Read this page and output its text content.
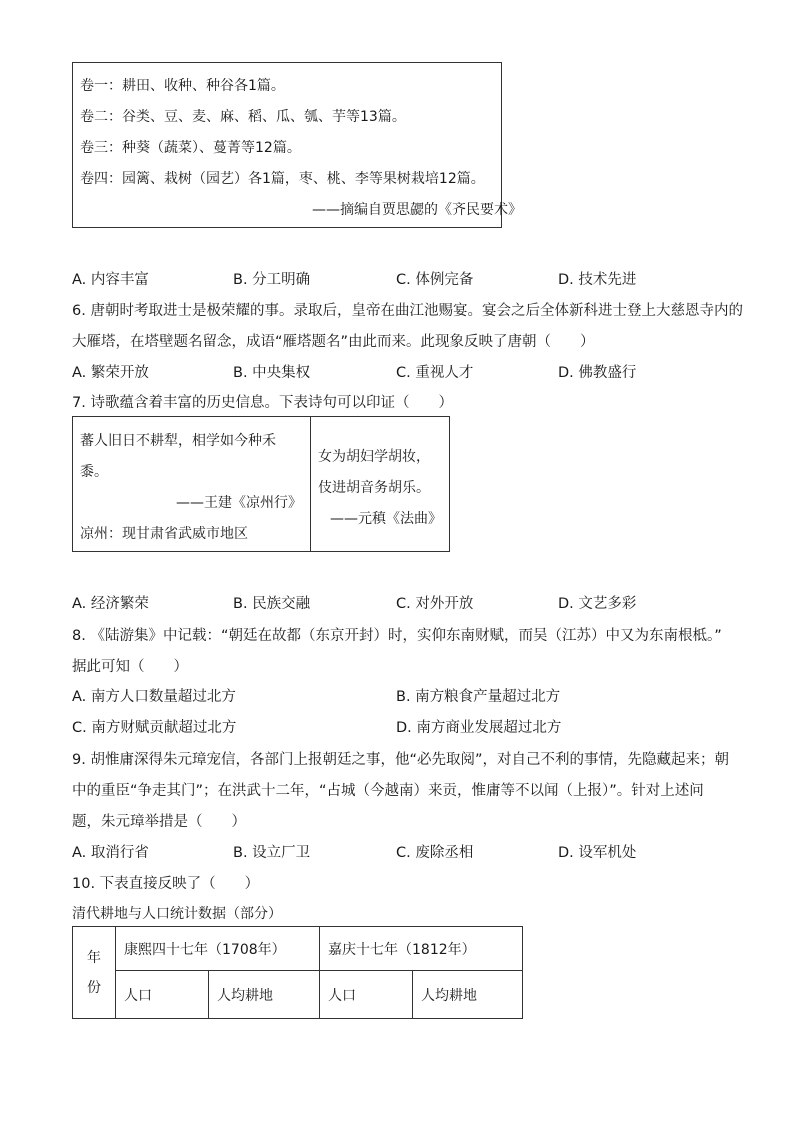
卷一：耕田、收种、种谷各1篇。
卷二：谷类、豆、麦、麻、稻、瓜、瓠、芋等13篇。
卷三：种葵（蔬菜）、蔓菁等12篇。
卷四：园篱、栽树（园艺）各1篇，枣、桃、李等果树栽培12篇。
——摘编自贾思勰的《齐民要术》
A. 内容丰富	B. 分工明确	C. 体例完备	D. 技术先进
6. 唐朝时考取进士是极荣耀的事。录取后，皇帝在曲江池赐宴。宴会之后全体新科进士登上大慈恩寺内的
大雁塔，在塔壁题名留念，成语“雁塔题名”由此而来。此现象反映了唐朝（　　）
A. 繁荣开放	B. 中央集权	C. 重视人才	D. 佛教盛行
7. 诗歌蕴含着丰富的历史信息。下表诗句可以印证（　　）
蕃人旧日不耕犁，相学如今种禾
黍。
——王建《凉州行》
凉州：现甘肃省武威市地区
女为胡妇学胡妆，
伎进胡音务胡乐。
——元稹《法曲》
A. 经济繁荣	B. 民族交融	C. 对外开放	D. 文艺多彩
8. 《陆游集》中记载：“朝廷在故都（东京开封）时，实仰东南财赋，而吴（江苏）中又为东南根柢。”
据此可知（　　）
A. 南方人口数量超过北方	B. 南方粮食产量超过北方
C. 南方财赋贡献超过北方	D. 南方商业发展超过北方
9. 胡惟庸深得朱元璋宠信，各部门上报朝廷之事，他“必先取阅”，对自己不利的事情，先隐藏起来；朝
中的重臣“争走其门”；在洪武十二年，“占城（今越南）来贡，惟庸等不以闻（上报）”。针对上述问
题，朱元璋举措是（　　）
A. 取消行省	B. 设立厂卫	C. 废除丞相	D. 设军机处
10. 下表直接反映了（　　）
清代耕地与人口统计数据（部分）
年
份	康熙四十七年（1708年）		嘉庆十七年（1812年）	
	人口	人均耕地	人口	人均耕地
